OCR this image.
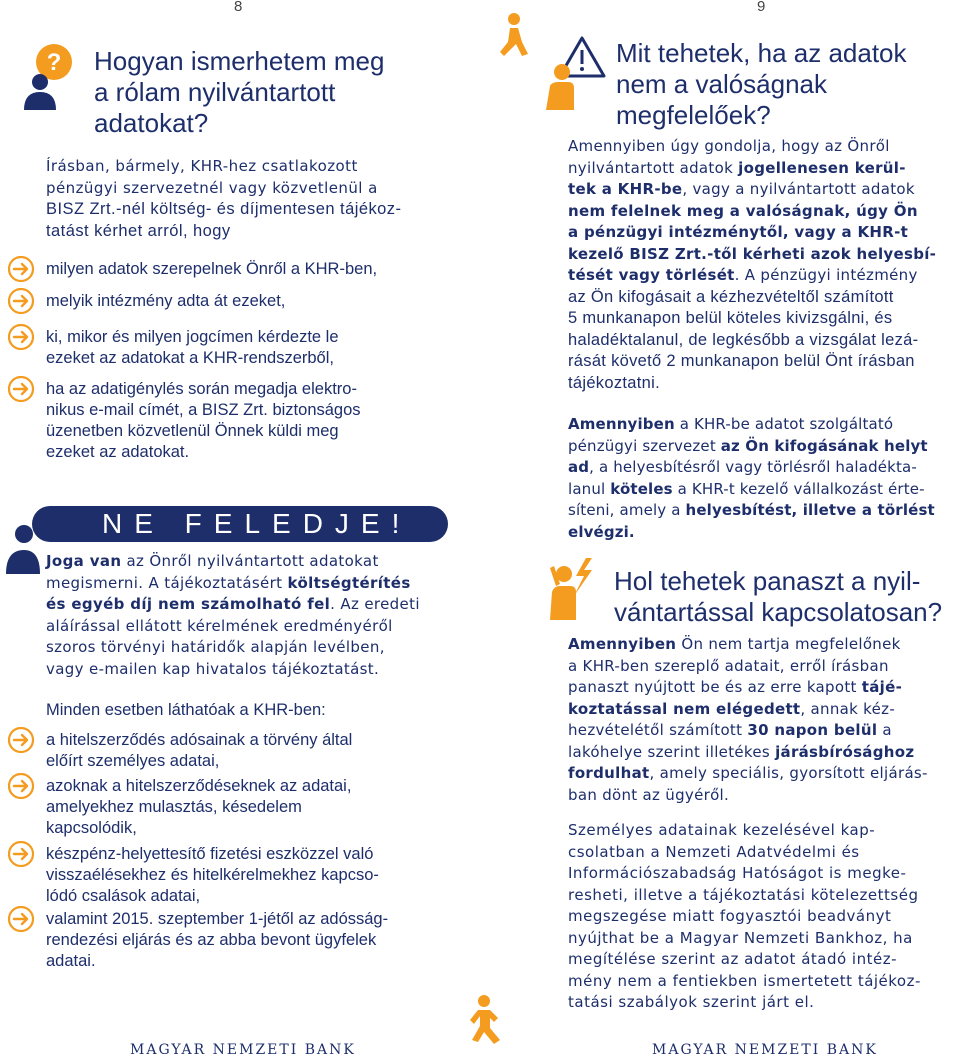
8
? Hogyan ismerhetem meg
a rólam nyilvántartott
adatokat?
Írásban, bármely, KHR-hez csatlakozott
pénzügyi szervezetnél vagy közvetlenül a
BISZ Zrt.-nél költség- és díjmentesen tájékoz-
tatást kérhet arról, hogy
milyen adatok szerepelnek Önről a KHR-ben,
melyik intézmény adta át ezeket,
ki, mikor és milyen jogcímen kérdezte le
ezeket az adatokat a KHR-rendszerből,
ha az adatigénylés során megadja elektro-
nikus e-mail címét, a BISZ Zrt. biztonságos
üzenetben közvetlenül Önnek küldi meg
ezeket az adatokat.
NE FELEDJE!
Joga van az Önről nyilvántartott adatokat
megismerni. A tájékoztatásért költségtérítés
és egyéb díj nem számolható fel. Az eredeti
aláírással ellátott kérelmének eredményéről
szoros törvényi határidők alapján levélben,
vagy e-mailen kap hivatalos tájékoztatást.
Minden esetben láthatóak a KHR-ben:
a hitelszerződés adósainak a törvény által
előírt személyes adatai,
azoknak a hitelszerződéseknek az adatai,
amelyekhez mulasztás, késedelem
kapcsolódik,
készpénz-helyettesítő fizetési eszközzel való
visszaélésekhez és hitelkérelmekhez kapcso-
lódó csalások adatai,
valamint 2015. szeptember 1-jétől az adósság-
rendezési eljárás és az abba bevont ügyfelek
adatai.
MAGYAR NEMZETI BANK
9
Mit tehetek, ha az adatok
nem a valóságnak
megfelelőek?
Amennyiben úgy gondolja, hogy az Önről
nyilvántartott adatok jogellenesen kerül-
tek a KHR-be, vagy a nyilvántartott adatok
nem felelnek meg a valóságnak, úgy Ön
a pénzügyi intézménytől, vagy a KHR-t
kezelő BISZ Zrt.-től kérheti azok helyesbí-
tését vagy törlését. A pénzügyi intézmény
az Ön kifogásait a kézhezvételtől számított
5 munkanapon belül köteles kivizsgálni, és
haladéktalanul, de legkésőbb a vizsgálat lezá-
rását követő 2 munkanapon belül Önt írásban
tájékoztatni.
Amennyiben a KHR-be adatot szolgáltató
pénzügyi szervezet az Ön kifogásának helyt
ad, a helyesbítésről vagy törlésről haladékta-
lanul köteles a KHR-t kezelő vállalkozást érte-
síteni, amely a helyesbítést, illetve a törlést
elvégzi.
Hol tehetek panaszt a nyil-
vántartással kapcsolatosan?
Amennyiben Ön nem tartja megfelelőnek
a KHR-ben szereplő adatait, erről írásban
panaszt nyújtott be és az erre kapott tájé-
koztatással nem elégedett, annak kéz-
hezvételétől számított 30 napon belül a
lakóhelye szerint illetékes járásbírósághoz
fordulhat, amely speciális, gyorsított eljárás-
ban dönt az ügyéről.
Személyes adatainak kezelésével kap-
csolatban a Nemzeti Adatvédelmi és
Információszabadság Hatóságot is megke-
resheti, illetve a tájékoztatási kötelezettség
megszegése miatt fogyasztói beadványt
nyújthat be a Magyar Nemzeti Bankhoz, ha
megítélése szerint az adatot átadó intéz-
mény nem a fentiekben ismertetett tájékoz-
tatási szabályok szerint járt el.
MAGYAR NEMZETI BANK
